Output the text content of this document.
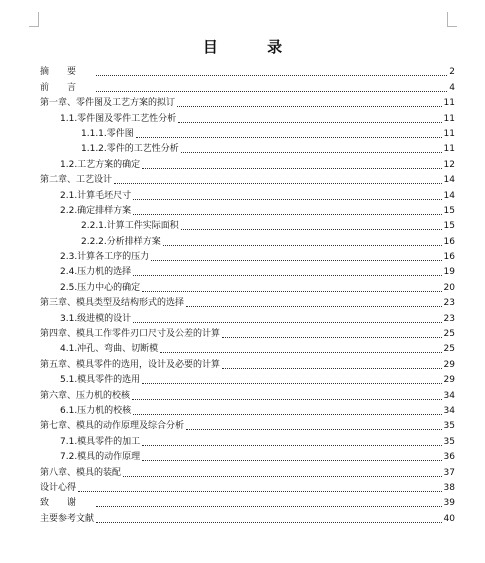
目 录
摘要	2
前言	4
第一章、零件图及工艺方案的拟订	11
1.1.零件图及零件工艺性分析	11
1.1.1.零件图	11
1.1.2.零件的工艺性分析	11
1.2.工艺方案的确定	12
第二章、工艺设计	14
2.1.计算毛坯尺寸	14
2.2.确定排样方案	15
2.2.1.计算工件实际面积	15
2.2.2.分析排样方案	16
2.3.计算各工序的压力	16
2.4.压力机的选择	19
2.5.压力中心的确定	20
第三章、模具类型及结构形式的选择	23
3.1.级进模的设计	23
第四章、模具工作零件刃口尺寸及公差的计算	25
4.1.冲孔、弯曲、切断模	25
第五章、模具零件的选用，设计及必要的计算	29
5.1.模具零件的选用	29
第六章、压力机的校核	34
6.1.压力机的校核	34
第七章、模具的动作原理及综合分析	35
7.1.模具零件的加工	35
7.2.模具的动作原理	36
第八章、模具的装配	37
设计心得	38
致谢	39
主要参考文献	40
